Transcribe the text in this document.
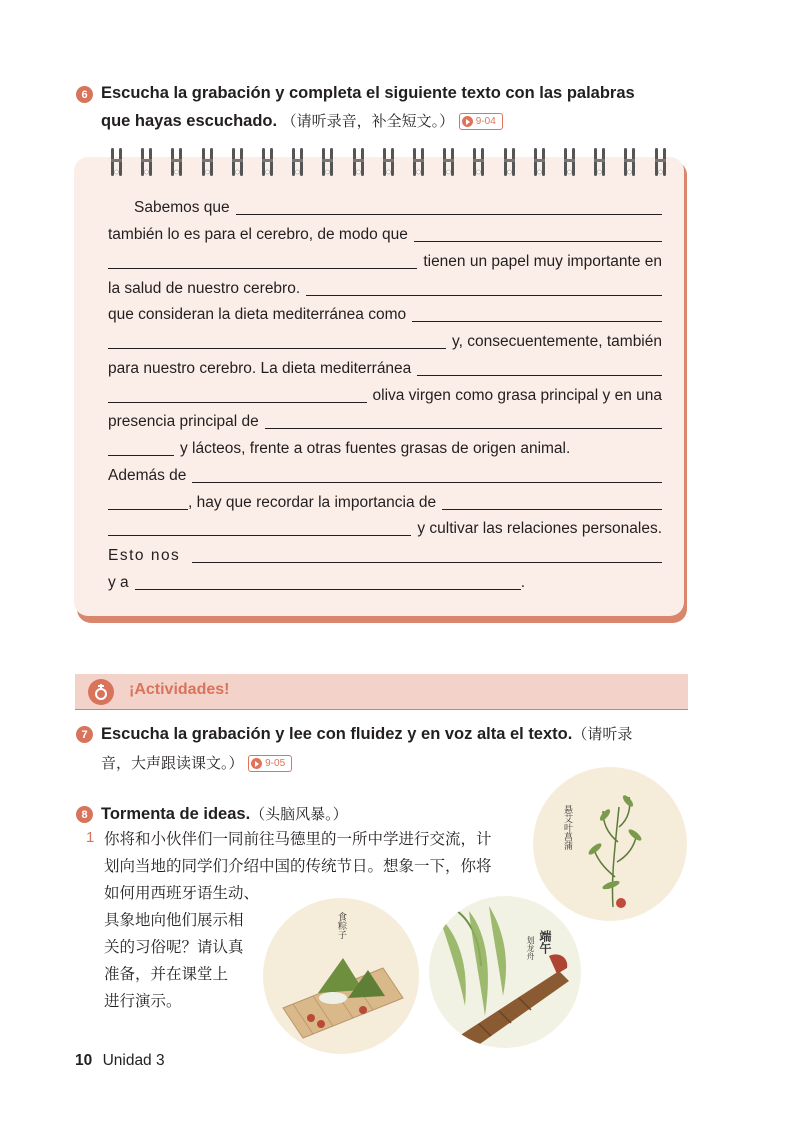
6 Escucha la grabación y completa el siguiente texto con las palabras
que hayas escuchado. （请听录音，补全短文。） 9-04
Sabemos que
también lo es para el cerebro, de modo que
tienen un papel muy importante en
la salud de nuestro cerebro.
que consideran la dieta mediterránea como
y, consecuentemente, también
para nuestro cerebro. La dieta mediterránea
oliva virgen como grasa principal y en una
presencia principal de
y lácteos, frente a otras fuentes grasas de origen animal.
Además de
, hay que recordar la importancia de
y cultivar las relaciones personales.
Esto nos
y a	.
¡Actividades!
7 Escucha la grabación y lee con fluidez y en voz alta el texto.（请听录
音，大声跟读课文。） 9-05
8 Tormenta de ideas.（头脑风暴。）
1 你将和小伙伴们一同前往马德里的一所中学进行交流，计
划向当地的同学们介绍中国的传统节日。想象一下，你将
如何用西班牙语生动、
具象地向他们展示相
关的习俗呢？请认真
准备，并在课堂上
进行演示。
悬艾叶菖蒲
食粽子
端午
划龙舟
10 Unidad 3
